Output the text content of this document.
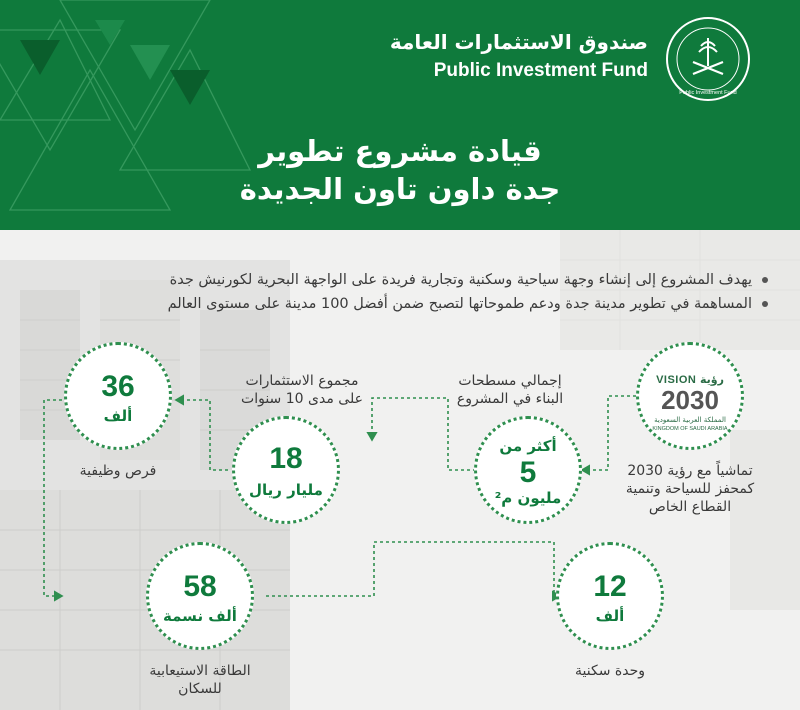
صندوق الاستثمارات العامة
Public Investment Fund
Public Investment Fund
قيادة مشروع تطوير
جدة داون تاون الجديدة
يهدف المشروع إلى إنشاء وجهة سياحية وسكنية وتجارية فريدة على الواجهة البحرية لكورنيش جدة
المساهمة في تطوير مدينة جدة ودعم طموحاتها لتصبح ضمن أفضل 100 مدينة على مستوى العالم
VISION رؤية
2030
المملكة العربية السعودية
KINGDOM OF SAUDI ARABIA
تماشياً مع رؤية 2030
كمحفز للسياحة وتنمية
القطاع الخاص
إجمالي مسطحات
البناء في المشروع
أكثر من
5
مليون م²
مجموع الاستثمارات
على مدى 10 سنوات
18
مليار ريال
36
ألف
فرص وظيفية
58
ألف نسمة
الطاقة الاستيعابية
للسكان
12
ألف
وحدة سكنية
